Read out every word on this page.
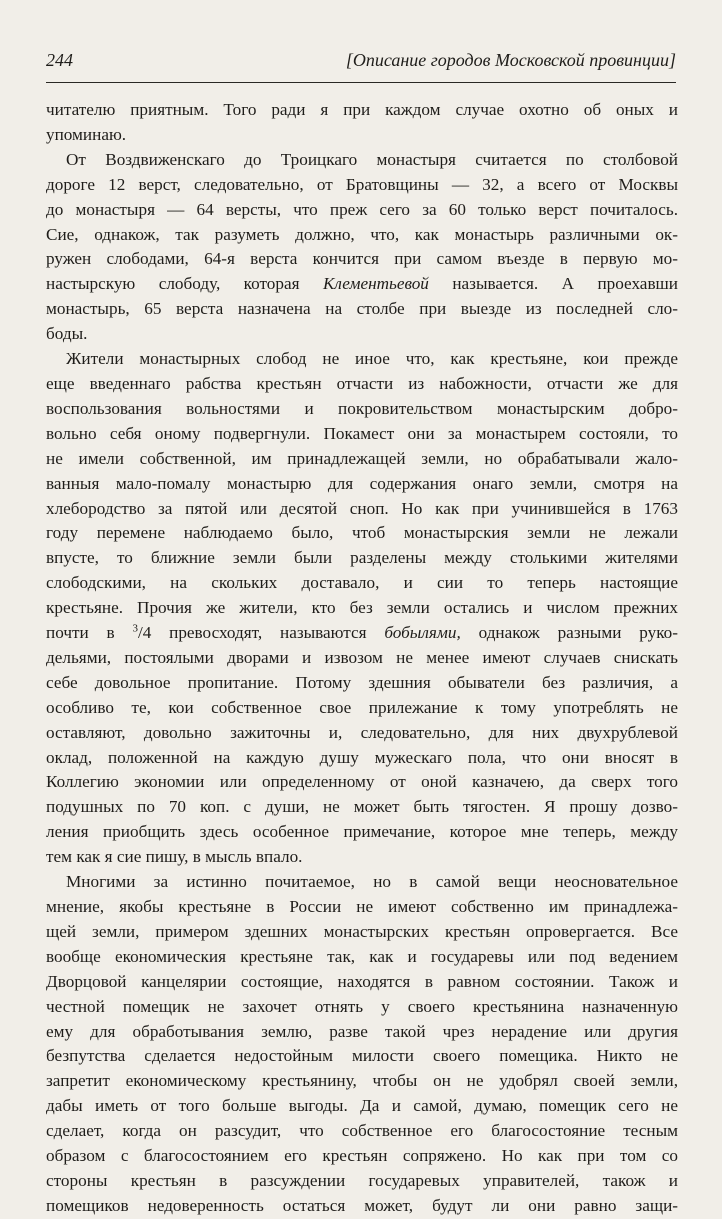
244	[Описание городов Московской провинции]
читателю приятным. Того ради я при каждом случае охотно об оных и
упоминаю.
От Воздвиженскаго до Троицкаго монастыря считается по столбовой
дороге 12 верст, следовательно, от Братовщины — 32, а всего от Москвы
до монастыря — 64 версты, что преж сего за 60 только верст почиталось.
Сие, однакож, так разуметь должно, что, как монастырь различными ок-
ружен слободами, 64-я верста кончится при самом въезде в первую мо-
настырскую слободу, которая Клементьевой называется. А проехавши
монастырь, 65 верста назначена на столбе при выезде из последней сло-
боды.
Жители монастырных слобод не иное что, как крестьяне, кои прежде
еще введеннаго рабства крестьян отчасти из набожности, отчасти же для
воспользования вольностями и покровительством монастырским добро-
вольно себя оному подвергнули. Покамест они за монастырем состояли, то
не имели собственной, им принадлежащей земли, но обрабатывали жало-
ванныя мало-помалу монастырю для содержания онаго земли, смотря на
хлебородство за пятой или десятой сноп. Но как при учинившейся в 1763
году перемене наблюдаемо было, чтоб монастырския земли не лежали
впусте, то ближние земли были разделены между столькими жителями
слободскими, на скольких доставало, и сии то теперь настоящие
крестьяне. Прочия же жители, кто без земли остались и числом прежних
почти в $^3$/4 превосходят, называются бобылями, однакож разными руко-
дельями, постоялыми дворами и извозом не менее имеют случаев снискать
себе довольное пропитание. Потому здешния обыватели без различия, а
особливо те, кои собственное свое прилежание к тому употреблять не
оставляют, довольно зажиточны и, следовательно, для них двухрублевой
оклад, положенной на каждую душу мужескаго пола, что они вносят в
Коллегию экономии или определенному от оной казначею, да сверх того
подушных по 70 коп. с души, не может быть тягостен. Я прошу дозво-
ления приобщить здесь особенное примечание, которое мне теперь, между
тем как я сие пишу, в мысль впало.
Многими за истинно почитаемое, но в самой вещи неосновательное
мнение, якобы крестьяне в России не имеют собственно им принадлежа-
щей земли, примером здешних монастырских крестьян опровергается. Все
вообще економическия крестьяне так, как и государевы или под ведением
Дворцовой канцелярии состоящие, находятся в равном состоянии. Також и
честной помещик не захочет отнять у своего крестьянина назначенную
ему для обработывания землю, разве такой чрез нерадение или другия
безпутства сделается недостойным милости своего помещика. Никто не
запретит економическому крестьянину, чтобы он не удобрял своей земли,
дабы иметь от того больше выгоды. Да и самой, думаю, помещик сего не
сделает, когда он разсудит, что собственное его благосостояние тесным
образом с благосостоянием его крестьян сопряжено. Но как при том со
стороны крестьян в разсуждении государевых управителей, також и
помещиков недоверенность остаться может, будут ли они равно защи-
